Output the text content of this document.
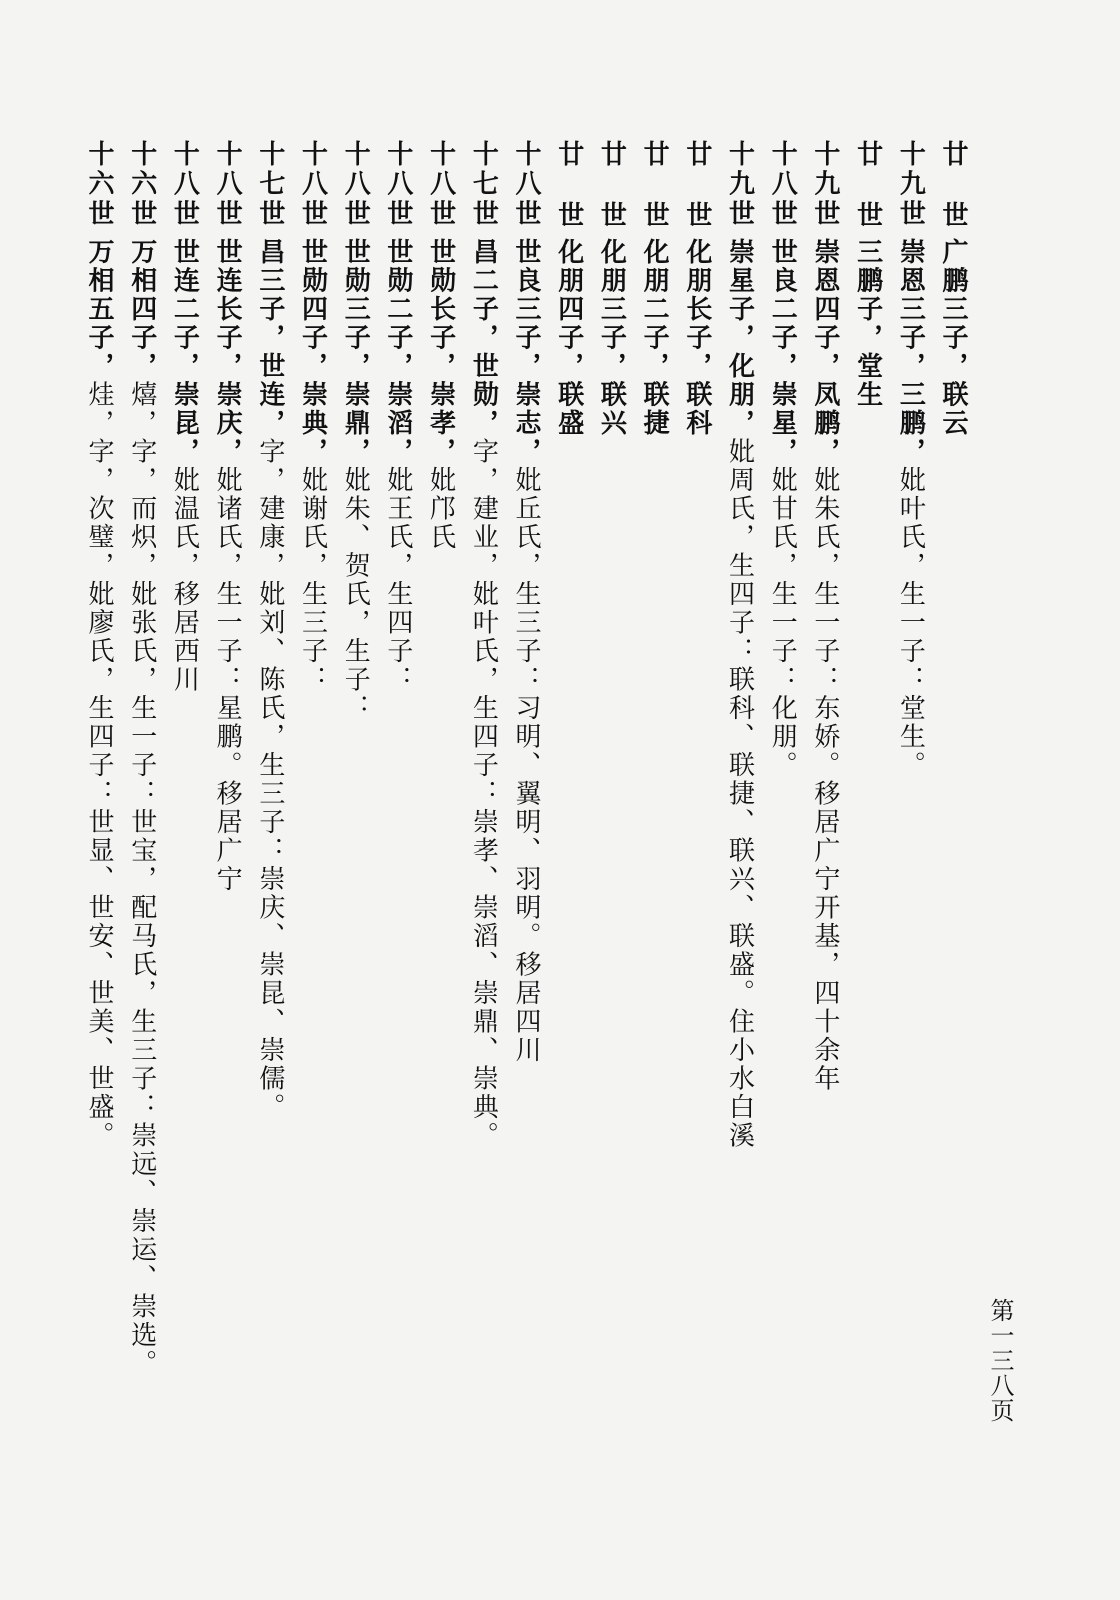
廿 世广鹏三子，联云
十九世崇恩三子，三鹏，妣叶氏，生一子：堂生。
廿 世三鹏子，堂生
十九世崇恩四子，凤鹏，妣朱氏，生一子：东娇。移居广宁开基，四十余年
十八世世良二子，崇星，妣甘氏，生一子：化朋。
十九世崇星子，化朋，妣周氏，生四子：联科、联捷、联兴、联盛。住小水白溪
廿 世化朋长子，联科
廿 世化朋二子，联捷
廿 世化朋三子，联兴
廿 世化朋四子，联盛
十八世世良三子，崇志，妣丘氏，生三子：习明、翼明、羽明。移居四川
十七世昌二子，世勋，字，建业，妣叶氏，生四子：崇孝、崇滔、崇鼎、崇典。
十八世世勋长子，崇孝，妣邝氏
十八世世勋二子，崇滔，妣王氏，生四子：
十八世世勋三子，崇鼎，妣朱、贺氏，生子：
十八世世勋四子，崇典，妣谢氏，生三子：
十七世昌三子，世连，字，建康，妣刘、陈氏，生三子：崇庆、崇昆、崇儒。
十八世世连长子，崇庆，妣诸氏，生一子：星鹏。移居广宁
十八世世连二子，崇昆，妣温氏，移居西川
十六世万相四子，熺，字，而炽，妣张氏，生一子：世宝，配马氏，生三子：崇远、崇运、崇选。
十六世万相五子，烓，字，次璧，妣廖氏，生四子：世显、世安、世美、世盛。
第一三八页
